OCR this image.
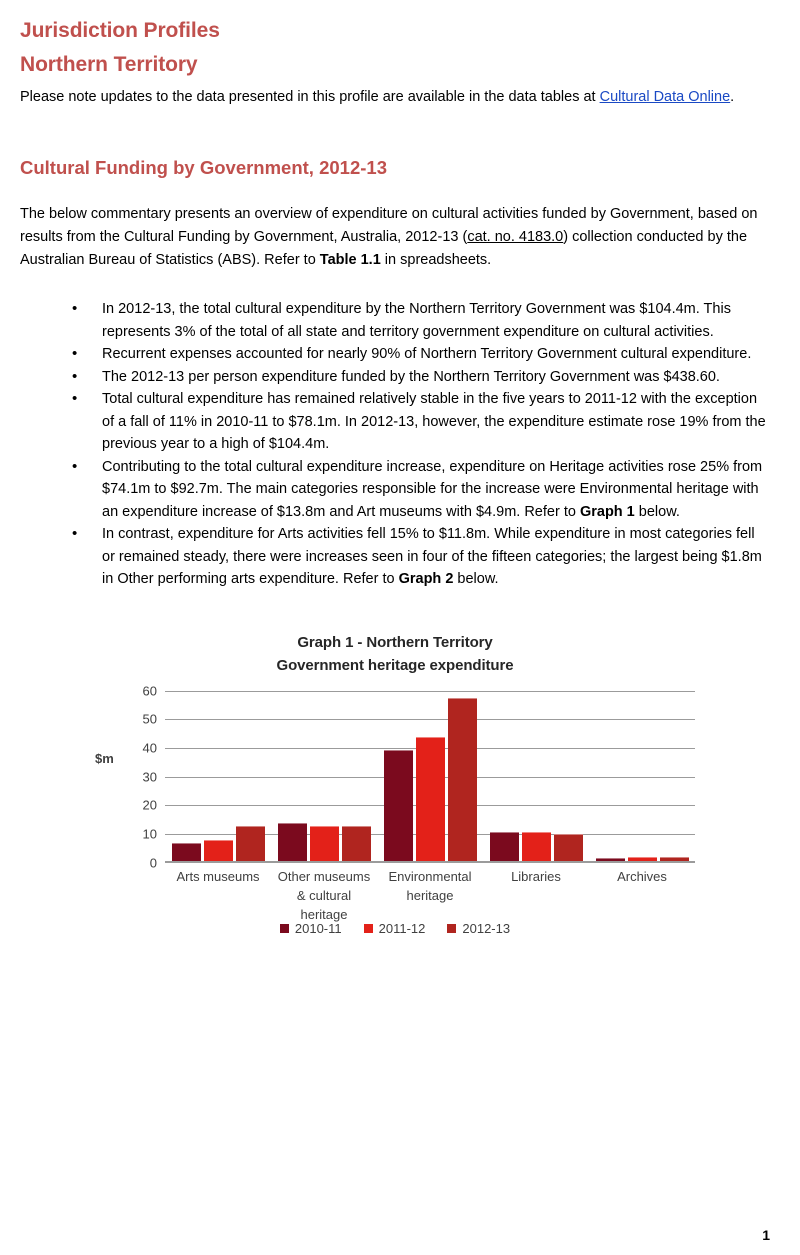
Jurisdiction Profiles
Northern Territory

Please note updates to the data presented in this profile are available in the data tables at Cultural Data Online.

Cultural Funding by Government, 2012-13

The below commentary presents an overview of expenditure on cultural activities funded by Government, based on results from the Cultural Funding by Government, Australia, 2012-13 (cat. no. 4183.0) collection conducted by the Australian Bureau of Statistics (ABS). Refer to Table 1.1 in spreadsheets.

• In 2012-13, the total cultural expenditure by the Northern Territory Government was $104.4m. This represents 3% of the total of all state and territory government expenditure on cultural activities.
• Recurrent expenses accounted for nearly 90% of Northern Territory Government cultural expenditure.
• The 2012-13 per person expenditure funded by the Northern Territory Government was $438.60.
• Total cultural expenditure has remained relatively stable in the five years to 2011-12 with the exception of a fall of 11% in 2010-11 to $78.1m. In 2012-13, however, the expenditure estimate rose 19% from the previous year to a high of $104.4m.
• Contributing to the total cultural expenditure increase, expenditure on Heritage activities rose 25% from $74.1m to $92.7m. The main categories responsible for the increase were Environmental heritage with an expenditure increase of $13.8m and Art museums with $4.9m. Refer to Graph 1 below.
• In contrast, expenditure for Arts activities fell 15% to $11.8m. While expenditure in most categories fell or remained steady, there were increases seen in four of the fifteen categories; the largest being $1.8m in Other performing arts expenditure. Refer to Graph 2 below.
Graph 1 - Northern Territory
Government heritage expenditure
$m
0
10
20
30
40
50
60
Arts museums	Other museums & cultural heritage
Environmental heritage
Libraries	Archives
2010-11	2011-12	2012-13
1
